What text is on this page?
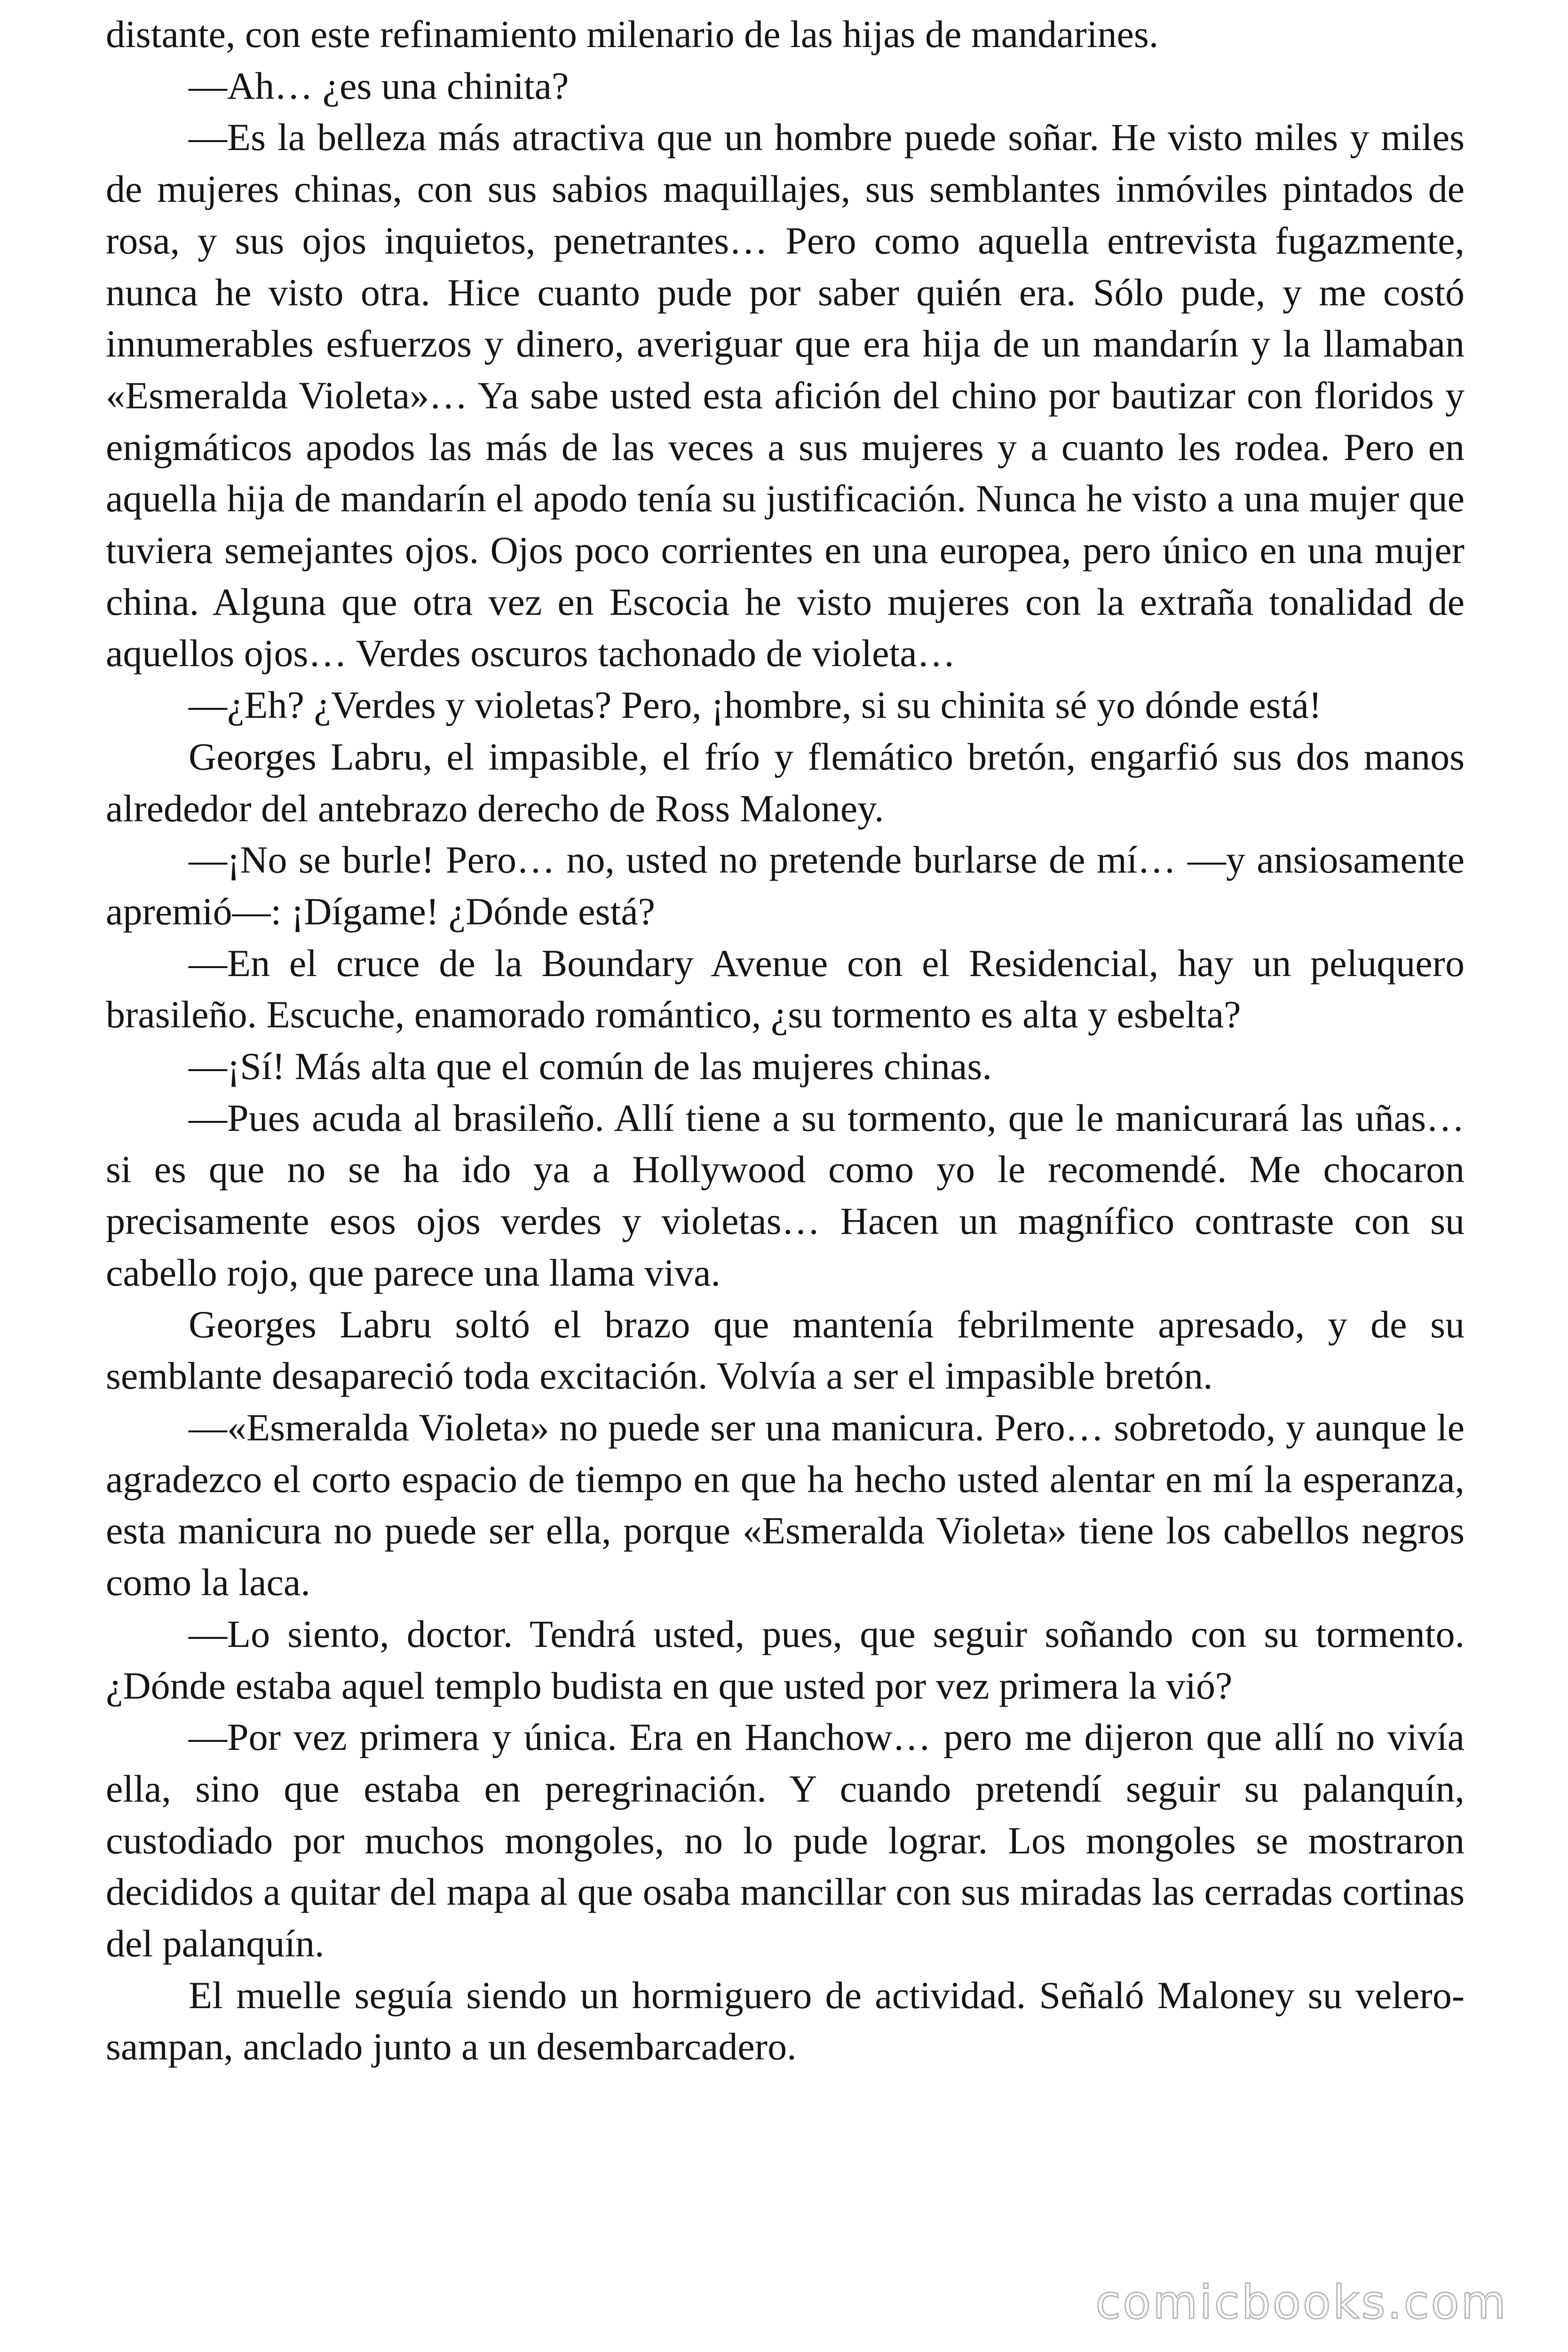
distante, con este refinamiento milenario de las hijas de mandarines.

—Ah… ¿es una chinita?

—Es la belleza más atractiva que un hombre puede soñar. He visto miles y miles de mujeres chinas, con sus sabios maquillajes, sus semblantes inmóviles pintados de rosa, y sus ojos inquietos, penetrantes… Pero como aquella entrevista fugazmente, nunca he visto otra. Hice cuanto pude por saber quién era. Sólo pude, y me costó innumerables esfuerzos y dinero, averiguar que era hija de un mandarín y la llamaban «Esmeralda Violeta»… Ya sabe usted esta afición del chino por bautizar con floridos y enigmáticos apodos las más de las veces a sus mujeres y a cuanto les rodea. Pero en aquella hija de mandarín el apodo tenía su justificación. Nunca he visto a una mujer que tuviera semejantes ojos. Ojos poco corrientes en una europea, pero único en una mujer china. Alguna que otra vez en Escocia he visto mujeres con la extraña tonalidad de aquellos ojos… Verdes oscuros tachonado de violeta…

—¿Eh? ¿Verdes y violetas? Pero, ¡hombre, si su chinita sé yo dónde está!

Georges Labru, el impasible, el frío y flemático bretón, engarfió sus dos manos alrededor del antebrazo derecho de Ross Maloney.

—¡No se burle! Pero… no, usted no pretende burlarse de mí… —y ansiosamente apremió—: ¡Dígame! ¿Dónde está?

—En el cruce de la Boundary Avenue con el Residencial, hay un peluquero brasileño. Escuche, enamorado romántico, ¿su tormento es alta y esbelta?

—¡Sí! Más alta que el común de las mujeres chinas.

—Pues acuda al brasileño. Allí tiene a su tormento, que le manicurará las uñas… si es que no se ha ido ya a Hollywood como yo le recomendé. Me chocaron precisamente esos ojos verdes y violetas… Hacen un magnífico contraste con su cabello rojo, que parece una llama viva.

Georges Labru soltó el brazo que mantenía febrilmente apresado, y de su semblante desapareció toda excitación. Volvía a ser el impasible bretón.

—«Esmeralda Violeta» no puede ser una manicura. Pero… sobretodo, y aunque le agradezco el corto espacio de tiempo en que ha hecho usted alentar en mí la esperanza, esta manicura no puede ser ella, porque «Esmeralda Violeta» tiene los cabellos negros como la laca.

—Lo siento, doctor. Tendrá usted, pues, que seguir soñando con su tormento. ¿Dónde estaba aquel templo budista en que usted por vez primera la vió?

—Por vez primera y única. Era en Hanchow… pero me dijeron que allí no vivía ella, sino que estaba en peregrinación. Y cuando pretendí seguir su palanquín, custodiado por muchos mongoles, no lo pude lograr. Los mongoles se mostraron decididos a quitar del mapa al que osaba mancillar con sus miradas las cerradas cortinas del palanquín.

El muelle seguía siendo un hormiguero de actividad. Señaló Maloney su velero-sampan, anclado junto a un desembarcadero.

comicbooks.com
